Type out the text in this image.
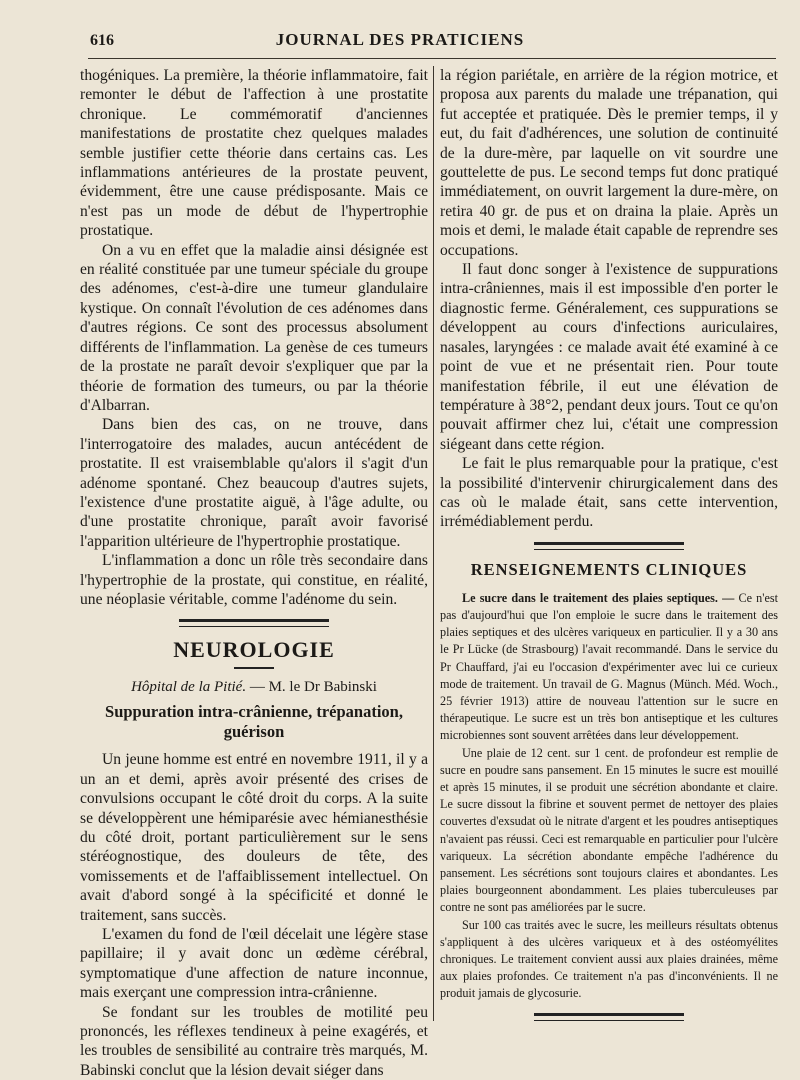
616	JOURNAL DES PRATICIENS

thogéniques. La première, la théorie inflammatoire, fait remonter le début de l'affection à une prostatite chronique. Le commémoratif d'anciennes manifestations de prostatite chez quelques malades semble justifier cette théorie dans certains cas. Les inflammations antérieures de la prostate peuvent, évidemment, être une cause prédisposante. Mais ce n'est pas un mode de début de l'hypertrophie prostatique.

On a vu en effet que la maladie ainsi désignée est en réalité constituée par une tumeur spéciale du groupe des adénomes, c'est-à-dire une tumeur glandulaire kystique. On connaît l'évolution de ces adénomes dans d'autres régions. Ce sont des processus absolument différents de l'inflammation. La genèse de ces tumeurs de la prostate ne paraît devoir s'expliquer que par la théorie de formation des tumeurs, ou par la théorie d'Albarran.

Dans bien des cas, on ne trouve, dans l'interrogatoire des malades, aucun antécédent de prostatite. Il est vraisemblable qu'alors il s'agit d'un adénome spontané. Chez beaucoup d'autres sujets, l'existence d'une prostatite aiguë, à l'âge adulte, ou d'une prostatite chronique, paraît avoir favorisé l'apparition ultérieure de l'hypertrophie prostatique.

L'inflammation a donc un rôle très secondaire dans l'hypertrophie de la prostate, qui constitue, en réalité, une néoplasie véritable, comme l'adénome du sein.

NEUROLOGIE
Hôpital de la Pitié. — M. le Dr Babinski
Suppuration intra-crânienne, trépanation, guérison

Un jeune homme est entré en novembre 1911, il y a un an et demi, après avoir présenté des crises de convulsions occupant le côté droit du corps. A la suite se développèrent une hémiparésie avec hémianesthésie du côté droit, portant particulièrement sur le sens stéréognostique, des douleurs de tête, des vomissements et de l'affaiblissement intellectuel. On avait d'abord songé à la spécificité et donné le traitement, sans succès.

L'examen du fond de l'œil décelait une légère stase papillaire; il y avait donc un œdème cérébral, symptomatique d'une affection de nature inconnue, mais exerçant une compression intra-crânienne.

Se fondant sur les troubles de motilité peu prononcés, les réflexes tendineux à peine exagérés, et les troubles de sensibilité au contraire très marqués, M. Babinski conclut que la lésion devait siéger dans

la région pariétale, en arrière de la région motrice, et proposa aux parents du malade une trépanation, qui fut acceptée et pratiquée. Dès le premier temps, il y eut, du fait d'adhérences, une solution de continuité de la dure-mère, par laquelle on vit sourdre une gouttelette de pus. Le second temps fut donc pratiqué immédiatement, on ouvrit largement la dure-mère, on retira 40 gr. de pus et on draina la plaie. Après un mois et demi, le malade était capable de reprendre ses occupations.

Il faut donc songer à l'existence de suppurations intra-crâniennes, mais il est impossible d'en porter le diagnostic ferme. Généralement, ces suppurations se développent au cours d'infections auriculaires, nasales, laryngées : ce malade avait été examiné à ce point de vue et ne présentait rien. Pour toute manifestation fébrile, il eut une élévation de température à 38°2, pendant deux jours. Tout ce qu'on pouvait affirmer chez lui, c'était une compression siégeant dans cette région.

Le fait le plus remarquable pour la pratique, c'est la possibilité d'intervenir chirurgicalement dans des cas où le malade était, sans cette intervention, irrémédiablement perdu.

RENSEIGNEMENTS CLINIQUES

Le sucre dans le traitement des plaies septiques. — Ce n'est pas d'aujourd'hui que l'on emploie le sucre dans le traitement des plaies septiques et des ulcères variqueux en particulier. Il y a 30 ans le Pr Lücke (de Strasbourg) l'avait recommandé. Dans le service du Pr Chauffard, j'ai eu l'occasion d'expérimenter avec lui ce curieux mode de traitement. Un travail de G. Magnus (Münch. Méd. Woch., 25 février 1913) attire de nouveau l'attention sur le sucre en thérapeutique. Le sucre est un très bon antiseptique et les cultures microbiennes sont souvent arrêtées dans leur développement.

Une plaie de 12 cent. sur 1 cent. de profondeur est remplie de sucre en poudre sans pansement. En 15 minutes le sucre est mouillé et après 15 minutes, il se produit une sécrétion abondante et claire. Le sucre dissout la fibrine et souvent permet de nettoyer des plaies couvertes d'exsudat où le nitrate d'argent et les poudres antiseptiques n'avaient pas réussi. Ceci est remarquable en particulier pour l'ulcère variqueux. La sécrétion abondante empêche l'adhérence du pansement. Les sécrétions sont toujours claires et abondantes. Les plaies bourgeonnent abondamment. Les plaies tuberculeuses par contre ne sont pas améliorées par le sucre.

Sur 100 cas traités avec le sucre, les meilleurs résultats obtenus s'appliquent à des ulcères variqueux et à des ostéomyélites chroniques. Le traitement convient aussi aux plaies drainées, même aux plaies profondes. Ce traitement n'a pas d'inconvénients. Il ne produit jamais de glycosurie.
